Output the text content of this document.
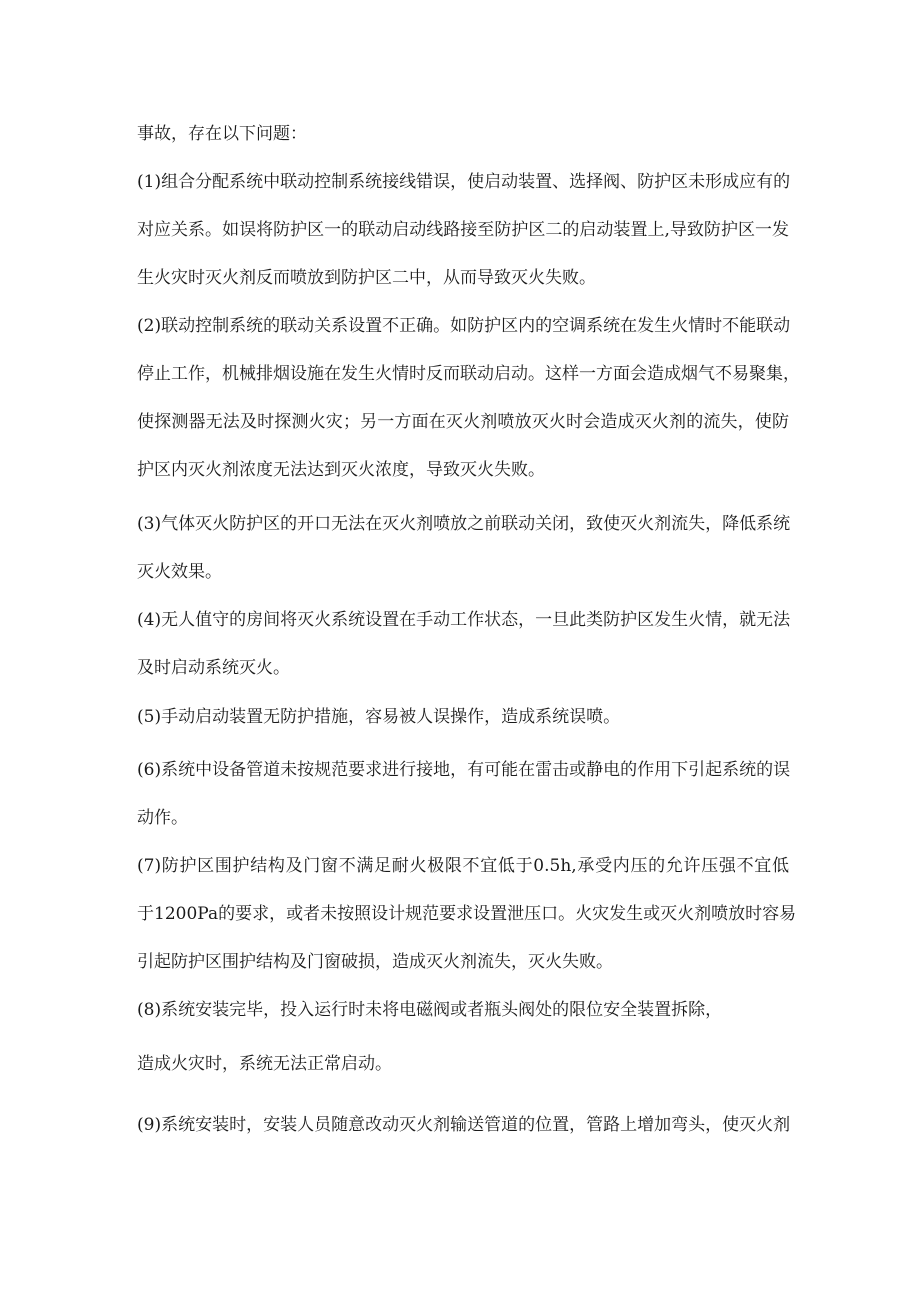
事故，存在以下问题：

(1)组合分配系统中联动控制系统接线错误，使启动装置、选择阀、防护区未形成应有的

对应关系。如误将防护区一的联动启动线路接至防护区二的启动装置上,导致防护区一发

生火灾时灭火剂反而喷放到防护区二中，从而导致灭火失败。

(2)联动控制系统的联动关系设置不正确。如防护区内的空调系统在发生火情时不能联动

停止工作，机械排烟设施在发生火情时反而联动启动。这样一方面会造成烟气不易聚集，

使探测器无法及时探测火灾；另一方面在灭火剂喷放灭火时会造成灭火剂的流失，使防

护区内灭火剂浓度无法达到灭火浓度，导致灭火失败。

(3)气体灭火防护区的开口无法在灭火剂喷放之前联动关闭，致使灭火剂流失，降低系统

灭火效果。

(4)无人值守的房间将灭火系统设置在手动工作状态，一旦此类防护区发生火情，就无法

及时启动系统灭火。

(5)手动启动装置无防护措施，容易被人误操作，造成系统误喷。

(6)系统中设备管道未按规范要求进行接地，有可能在雷击或静电的作用下引起系统的误

动作。

(7)防护区围护结构及门窗不满足耐火极限不宜低于0.5h,承受内压的允许压强不宜低

于1200Pa的要求，或者未按照设计规范要求设置泄压口。火灾发生或灭火剂喷放时容易

引起防护区围护结构及门窗破损，造成灭火剂流失，灭火失败。

(8)系统安装完毕，投入运行时未将电磁阀或者瓶头阀处的限位安全装置拆除，

造成火灾时，系统无法正常启动。

(9)系统安装时，安装人员随意改动灭火剂输送管道的位置，管路上增加弯头，使灭火剂
